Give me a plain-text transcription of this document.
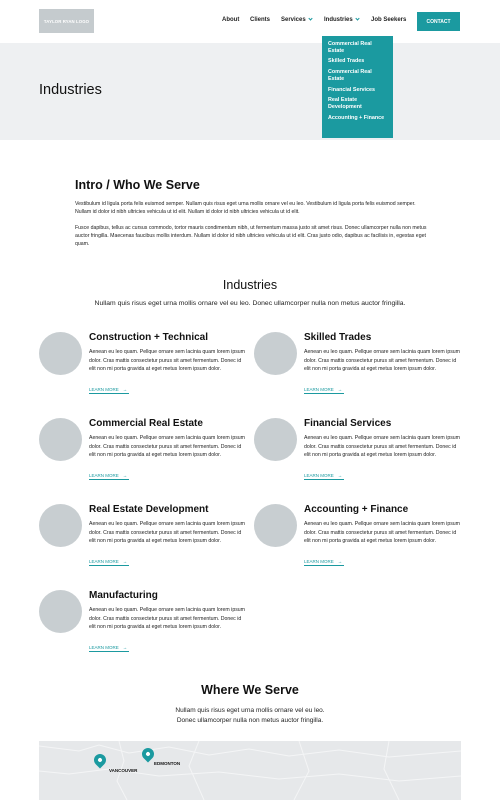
TAYLOR RYAN LOGO	About Clients Services	Industries	Job Seekers	CONTACT
Industries
Commercial Real Estate
Skilled Trades
Commercial Real Estate
Financial Services
Real Estate Development
Accounting + Finance
Intro / Who We Serve

Vestibulum id ligula porta felis euismod semper. Nullam quis risus eget urna mollis ornare vel eu leo. Vestibulum id ligula porta felis euismod semper. Nullam id dolor id nibh ultricies vehicula ut id elit. Nullam id dolor id nibh ultricies vehicula ut id elit.

Fusce dapibus, tellus ac cursus commodo, tortor mauris condimentum nibh, ut fermentum massa justo sit amet risus. Donec ullamcorper nulla non metus auctor fringilla. Maecenas faucibus mollis interdum. Nullam id dolor id nibh ultricies vehicula ut id elit. Cras justo odio, dapibus ac facilisis in, egestas eget quam.

Industries
Nullam quis risus eget urna mollis ornare vel eu leo. Donec ullamcorper nulla non metus auctor fringilla.
Construction + Technical
Aenean eu leo quam. Pellque ornare sem lacinia quam lorem ipsum dolor. Cras mattis consectetur purus sit amet fermentum. Donec id elit non mi porta gravida at eget metus lorem ipsum dolor.
LEARN MORE →
Skilled Trades
Aenean eu leo quam. Pellque ornare sem lacinia quam lorem ipsum dolor. Cras mattis consectetur purus sit amet fermentum. Donec id elit non mi porta gravida at eget metus lorem ipsum dolor.
LEARN MORE →
Commercial Real Estate
Aenean eu leo quam. Pellque ornare sem lacinia quam lorem ipsum dolor. Cras mattis consectetur purus sit amet fermentum. Donec id elit non mi porta gravida at eget metus lorem ipsum dolor.
LEARN MORE →
Financial Services
Aenean eu leo quam. Pellque ornare sem lacinia quam lorem ipsum dolor. Cras mattis consectetur purus sit amet fermentum. Donec id elit non mi porta gravida at eget metus lorem ipsum dolor.
LEARN MORE →
Real Estate Development
Aenean eu leo quam. Pellque ornare sem lacinia quam lorem ipsum dolor. Cras mattis consectetur purus sit amet fermentum. Donec id elit non mi porta gravida at eget metus lorem ipsum dolor.
LEARN MORE →
Accounting + Finance
Aenean eu leo quam. Pellque ornare sem lacinia quam lorem ipsum dolor. Cras mattis consectetur purus sit amet fermentum. Donec id elit non mi porta gravida at eget metus lorem ipsum dolor.
LEARN MORE →
Manufacturing
Aenean eu leo quam. Pellque ornare sem lacinia quam lorem ipsum dolor. Cras mattis consectetur purus sit amet fermentum. Donec id elit non mi porta gravida at eget metus lorem ipsum dolor.
LEARN MORE →
Where We Serve
Nullam quis risus eget urna mollis ornare vel eu leo. Donec ullamcorper nulla non metus auctor fringilla.
VANCOUVER
EDMONTON
